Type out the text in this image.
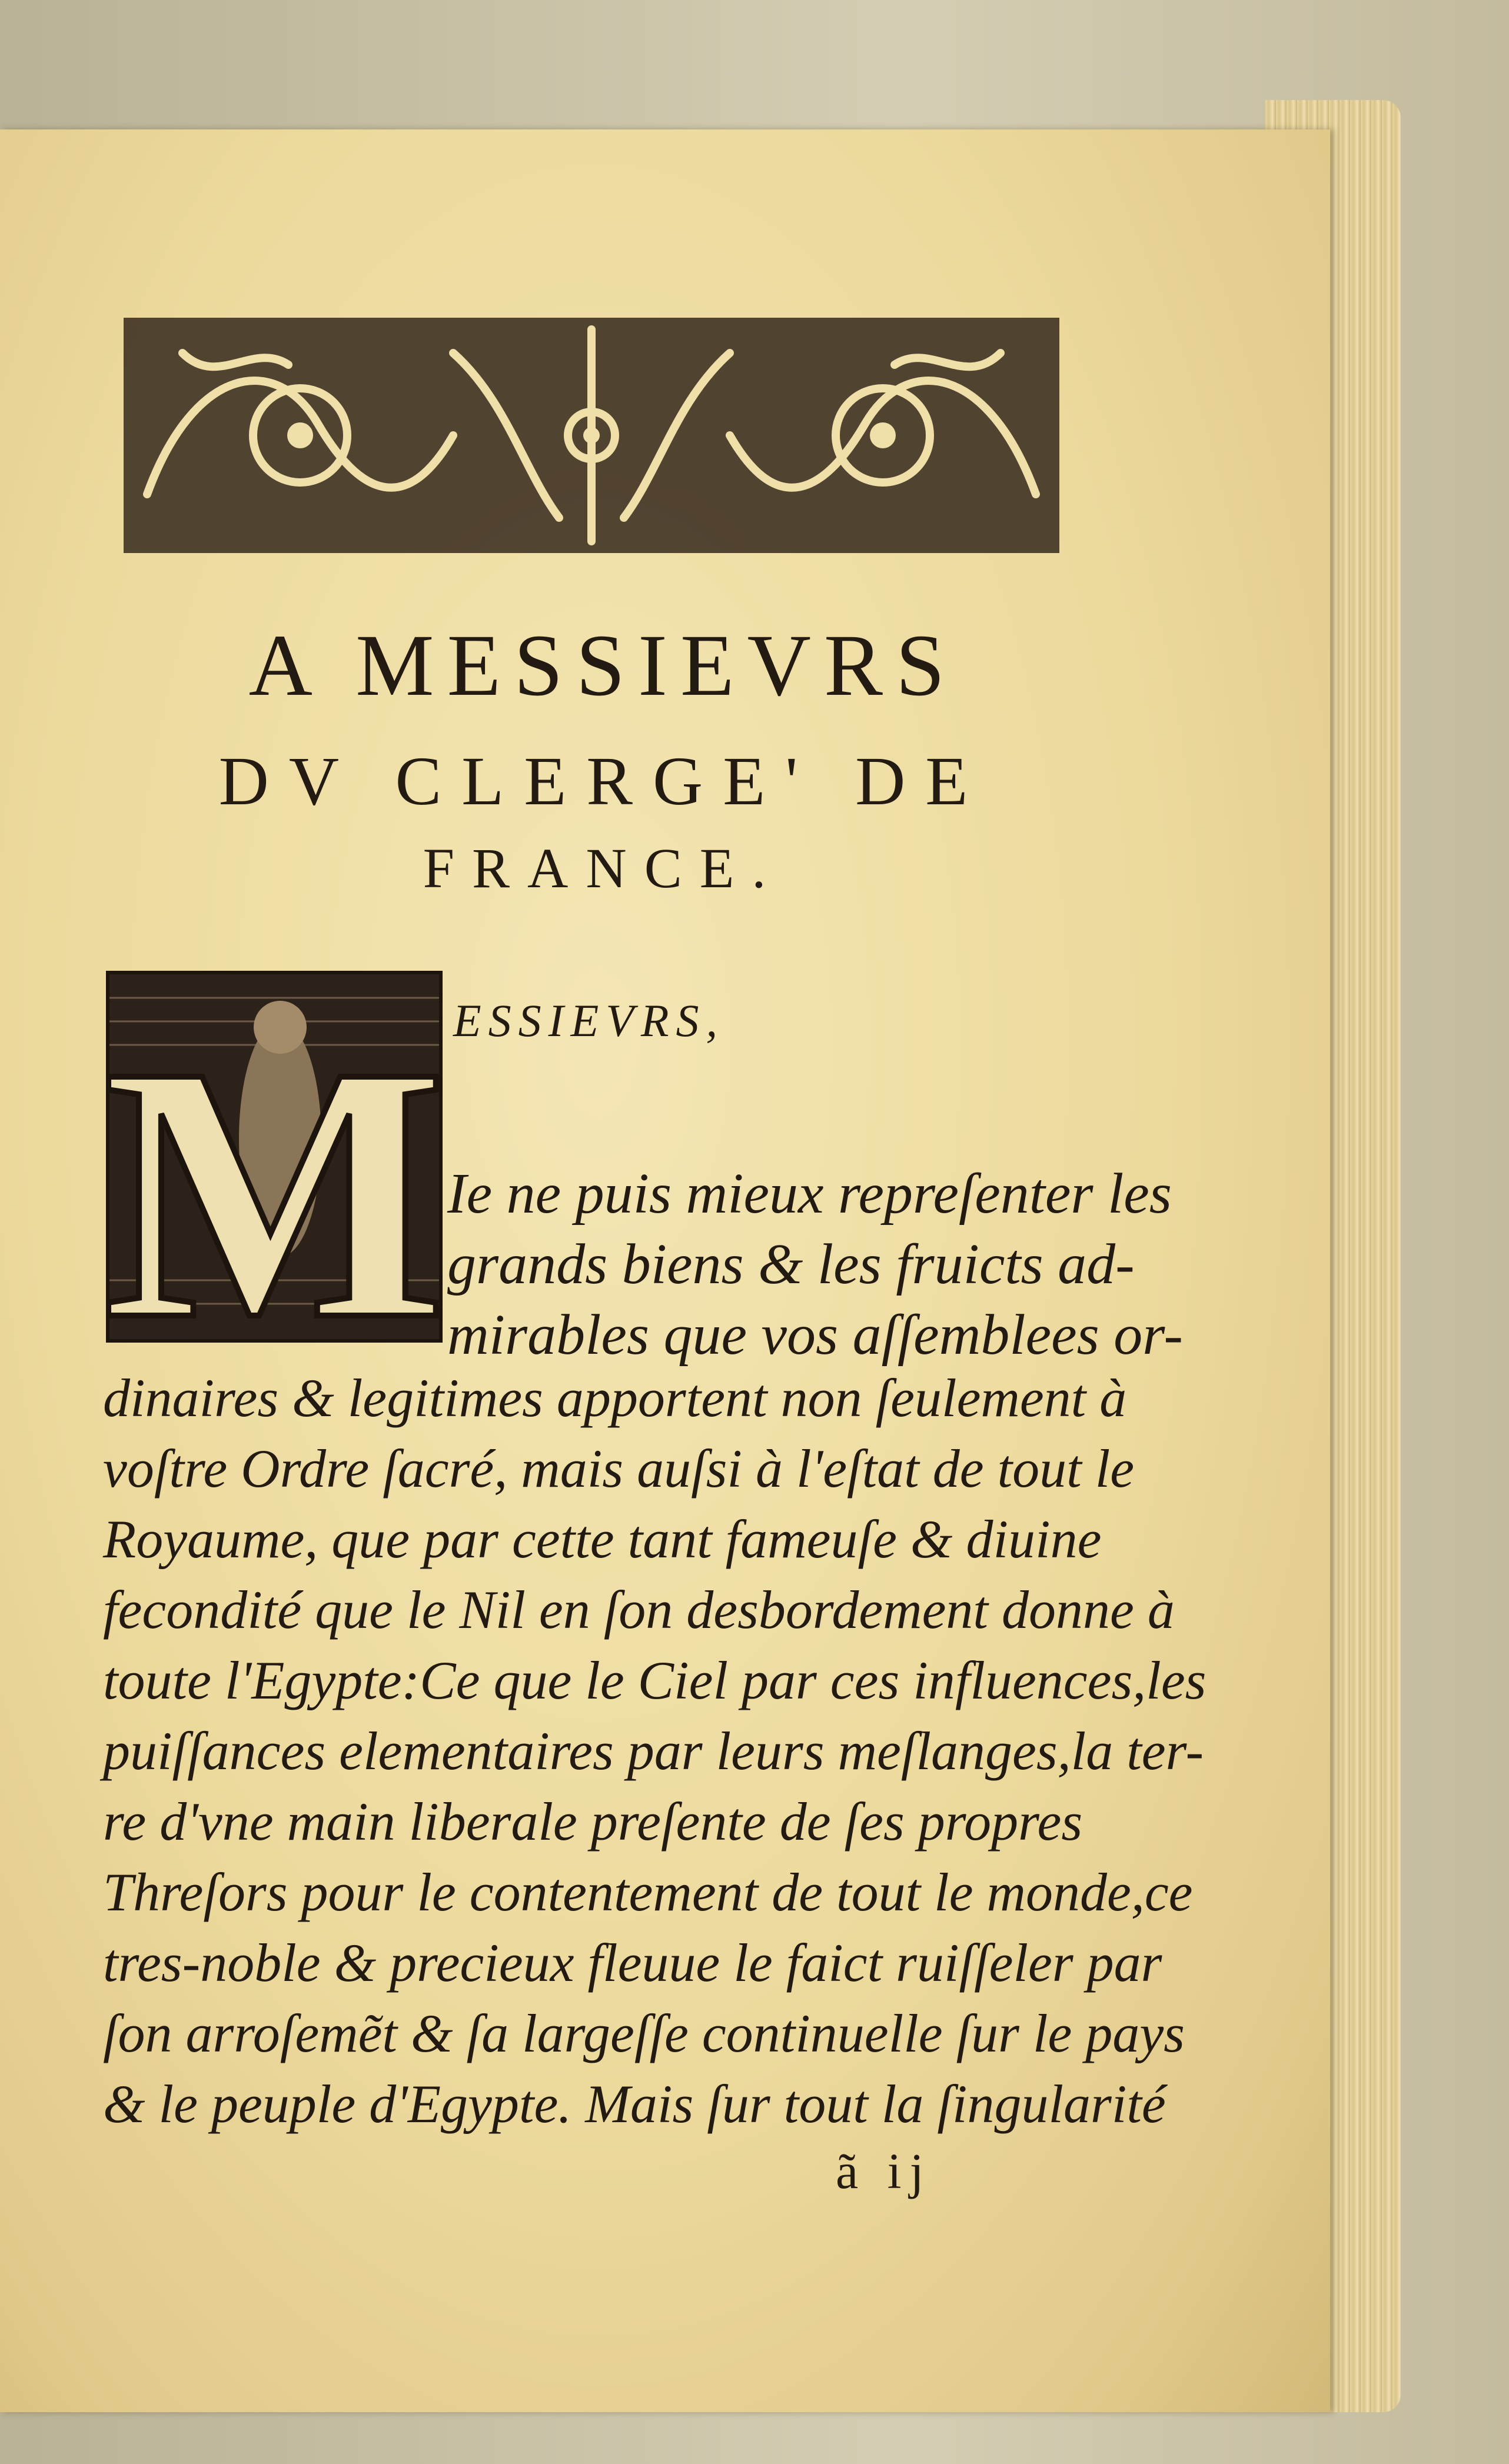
A MESSIEVRS
DV CLERGE' DE
FRANCE.
M ESSIEVRS,
Ie ne puis mieux repreſenter les
grands biens & les fruicts ad-
mirables que vos aſſemblees or-
dinaires & legitimes apportent non ſeulement à
voſtre Ordre ſacré, mais auſsi à l'eſtat de tout le
Royaume, que par cette tant fameuſe & diuine
fecondité que le Nil en ſon desbordement donne à
toute l'Egypte:Ce que le Ciel par ces influences,les
puiſſances elementaires par leurs meſlanges,la ter-
re d'vne main liberale preſente de ſes propres
Threſors pour le contentement de tout le monde,ce
tres-noble & precieux fleuue le faict ruiſſeler par
ſon arroſemẽt & ſa largeſſe continuelle ſur le pays
& le peuple d'Egypte. Mais ſur tout la ſingularité
ã ij
